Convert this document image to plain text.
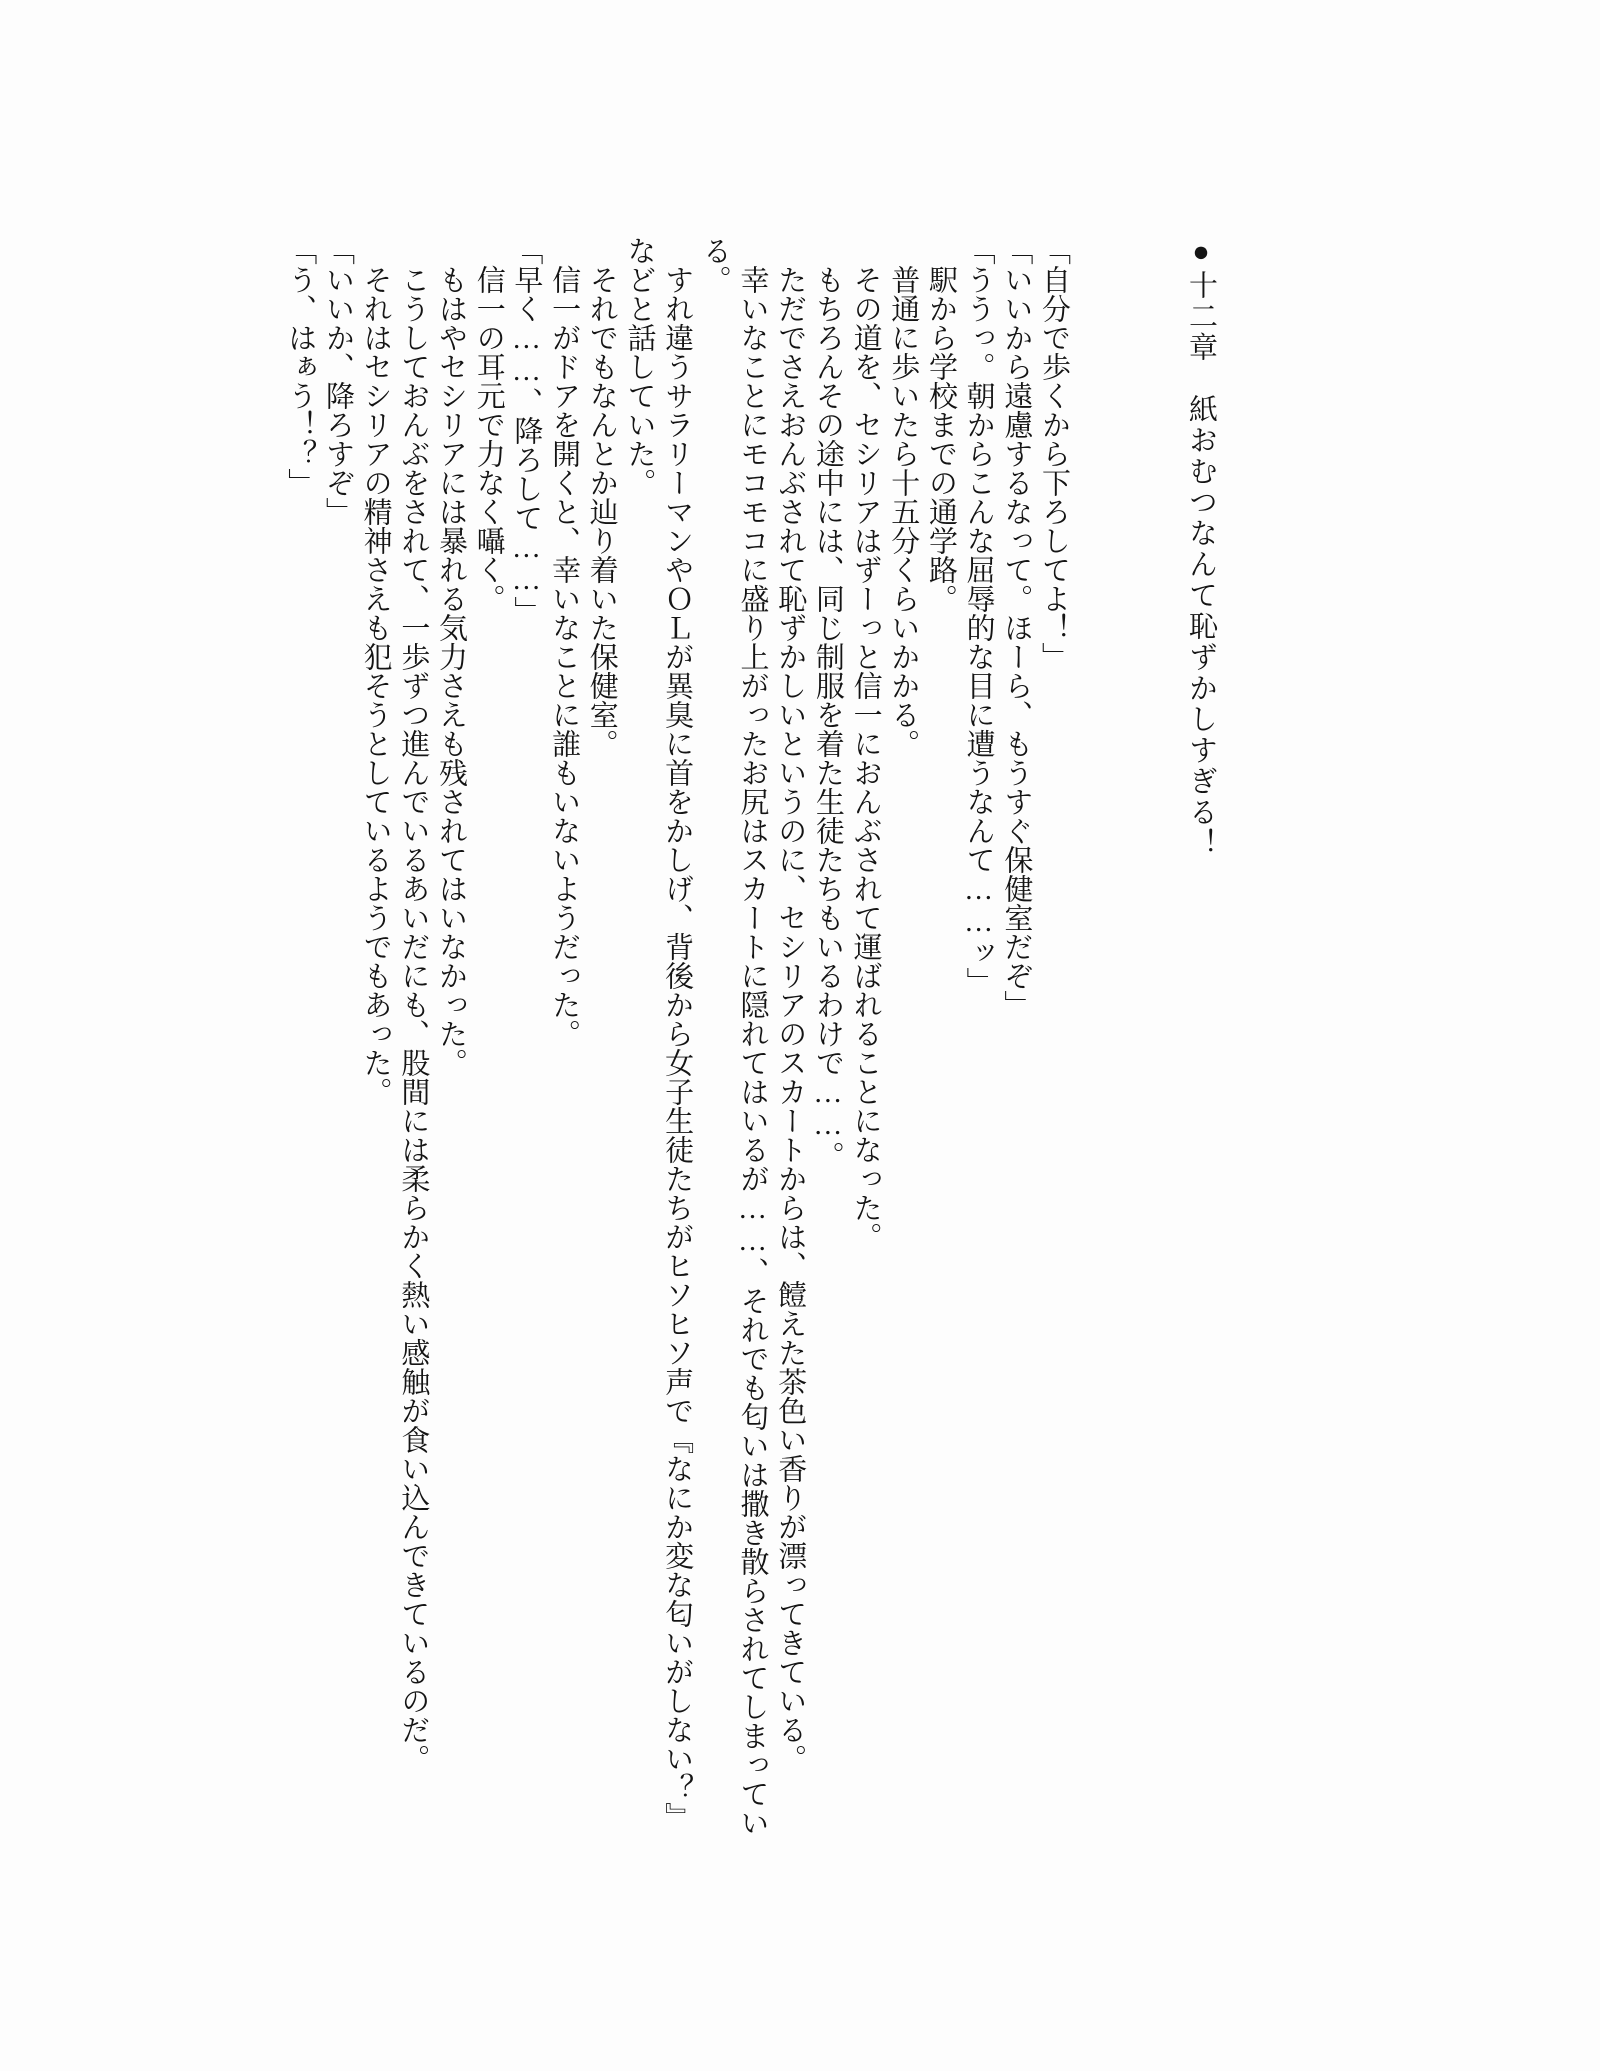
●十二章　紙おむつなんて恥ずかしすぎる！

「自分で歩くから下ろしてよ！」

「いいから遠慮するなって。ほーら、もうすぐ保健室だぞ」

「ううっ。朝からこんな屈辱的な目に遭うなんて……ッ」

駅から学校までの通学路。

普通に歩いたら十五分くらいかかる。

その道を、セシリアはずーっと信一におんぶされて運ばれることになった。

もちろんその途中には、同じ制服を着た生徒たちもいるわけで……。

ただでさえおんぶされて恥ずかしいというのに、セシリアのスカートからは、饐えた茶色い香りが漂ってきている。

幸いなことにモコモコに盛り上がったお尻はスカートに隠れてはいるが……、それでも匂いは撒き散らされてしまってい

る。

すれ違うサラリーマンやＯＬが異臭に首をかしげ、背後から女子生徒たちがヒソヒソ声で『なにか変な匂いがしない？』

などと話していた。

それでもなんとか辿り着いた保健室。

信一がドアを開くと、幸いなことに誰もいないようだった。

「早く……、降ろして……」

信一の耳元で力なく囁く。

もはやセシリアには暴れる気力さえも残されてはいなかった。

こうしておんぶをされて、一歩ずつ進んでいるあいだにも、股間には柔らかく熱い感触が食い込んできているのだ。

それはセシリアの精神さえも犯そうとしているようでもあった。

「いいか、降ろすぞ」

「う、はぁう！？」
